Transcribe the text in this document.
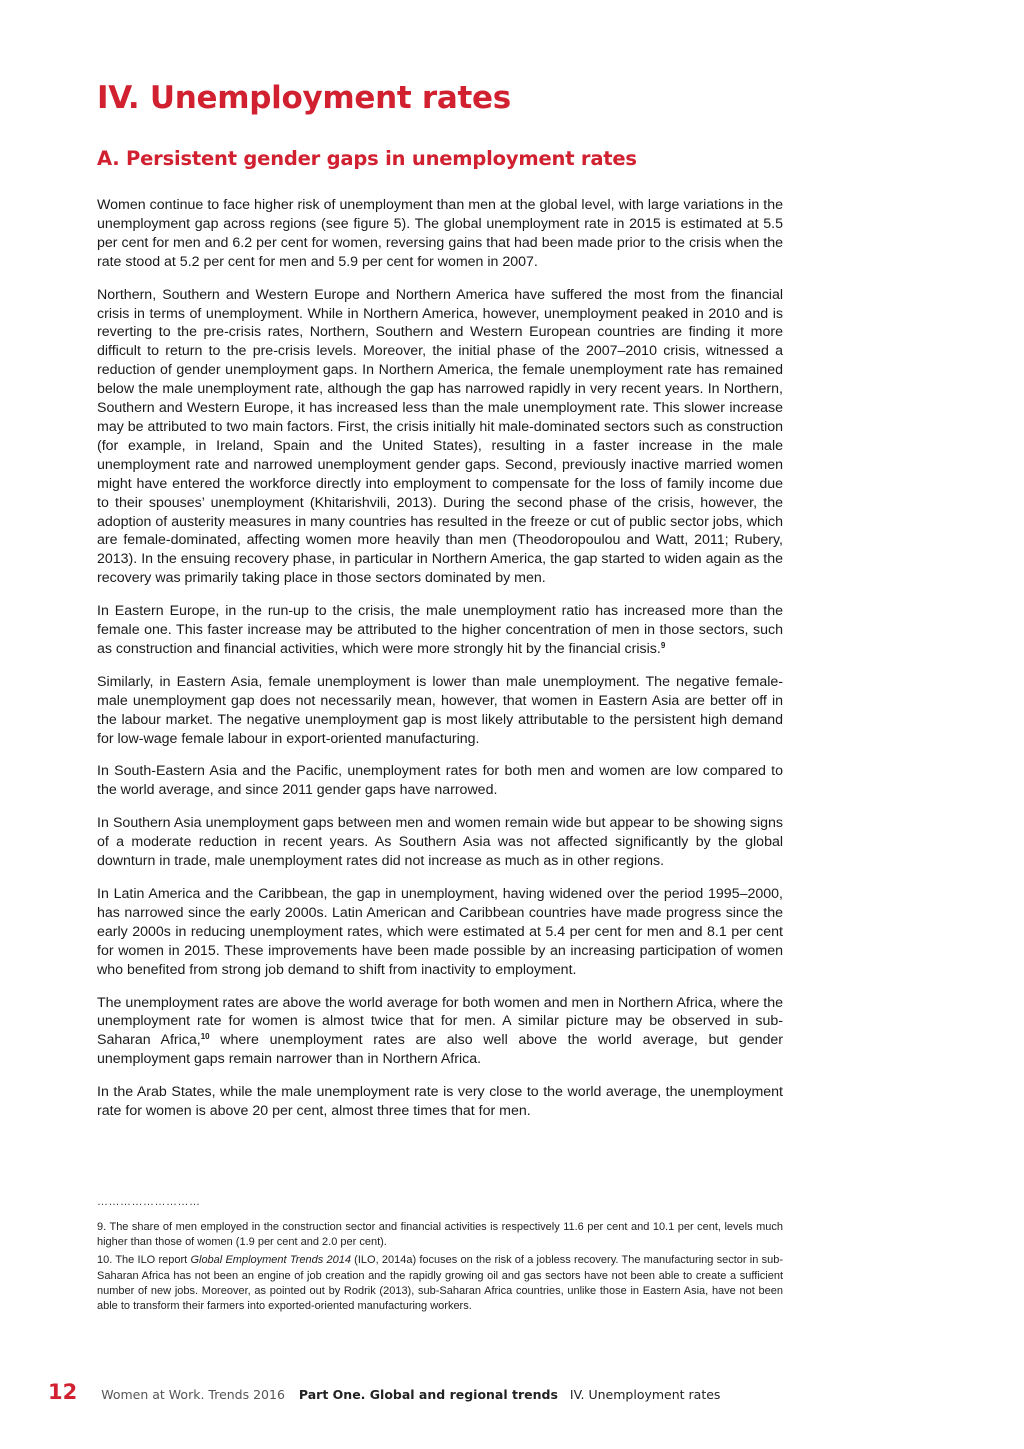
IV. Unemployment rates
A. Persistent gender gaps in unemployment rates

Women continue to face higher risk of unemployment than men at the global level, with large variations in the unemployment gap across regions (see figure 5). The global unemployment rate in 2015 is estimated at 5.5 per cent for men and 6.2 per cent for women, reversing gains that had been made prior to the crisis when the rate stood at 5.2 per cent for men and 5.9 per cent for women in 2007.

Northern, Southern and Western Europe and Northern America have suffered the most from the financial crisis in terms of unemployment. While in Northern America, however, unemployment peaked in 2010 and is reverting to the pre-crisis rates, Northern, Southern and Western European countries are finding it more difficult to return to the pre-crisis levels. Moreover, the initial phase of the 2007–2010 crisis, witnessed a reduction of gender unemployment gaps. In Northern America, the female unemployment rate has remained below the male unemployment rate, although the gap has narrowed rapidly in very recent years. In Northern, Southern and Western Europe, it has increased less than the male unemployment rate. This slower increase may be attributed to two main factors. First, the crisis initially hit male-dominated sectors such as construction (for example, in Ireland, Spain and the United States), resulting in a faster increase in the male unemployment rate and narrowed unemployment gender gaps. Second, previously inactive married women might have entered the workforce directly into employment to compensate for the loss of family income due to their spouses’ unemployment (Khitarishvili, 2013). During the second phase of the crisis, however, the adoption of austerity measures in many countries has resulted in the freeze or cut of public sector jobs, which are female-dominated, affecting women more heavily than men (Theodoropoulou and Watt, 2011; Rubery, 2013). In the ensuing recovery phase, in particular in Northern America, the gap started to widen again as the recovery was primarily taking place in those sectors dominated by men.

In Eastern Europe, in the run-up to the crisis, the male unemployment ratio has increased more than the female one. This faster increase may be attributed to the higher concentration of men in those sectors, such as construction and financial activities, which were more strongly hit by the financial crisis.$^9$

Similarly, in Eastern Asia, female unemployment is lower than male unemployment. The negative female-male unemployment gap does not necessarily mean, however, that women in Eastern Asia are better off in the labour market. The negative unemployment gap is most likely attributable to the persistent high demand for low-wage female labour in export-oriented manufacturing.

In South-Eastern Asia and the Pacific, unemployment rates for both men and women are low compared to the world average, and since 2011 gender gaps have narrowed.

In Southern Asia unemployment gaps between men and women remain wide but appear to be showing signs of a moderate reduction in recent years. As Southern Asia was not affected significantly by the global downturn in trade, male unemployment rates did not increase as much as in other regions.

In Latin America and the Caribbean, the gap in unemployment, having widened over the period 1995–2000, has narrowed since the early 2000s. Latin American and Caribbean countries have made progress since the early 2000s in reducing unemployment rates, which were estimated at 5.4 per cent for men and 8.1 per cent for women in 2015. These improvements have been made possible by an increasing participation of women who benefited from strong job demand to shift from inactivity to employment.

The unemployment rates are above the world average for both women and men in Northern Africa, where the unemployment rate for women is almost twice that for men. A similar picture may be observed in sub-Saharan Africa,$^{10}$ where unemployment rates are also well above the world average, but gender unemployment gaps remain narrower than in Northern Africa.

In the Arab States, while the male unemployment rate is very close to the world average, the unemployment rate for women is above 20 per cent, almost three times that for men.

………………………

9. The share of men employed in the construction sector and financial activities is respectively 11.6 per cent and 10.1 per cent, levels much higher than those of women (1.9 per cent and 2.0 per cent).

10. The ILO report Global Employment Trends 2014 (ILO, 2014a) focuses on the risk of a jobless recovery. The manufacturing sector in sub-Saharan Africa has not been an engine of job creation and the rapidly growing oil and gas sectors have not been able to create a sufficient number of new jobs. Moreover, as pointed out by Rodrik (2013), sub-Saharan Africa countries, unlike those in Eastern Asia, have not been able to transform their farmers into exported-oriented manufacturing workers.

12 Women at Work. Trends 2016 Part One. Global and regional trends IV. Unemployment rates
